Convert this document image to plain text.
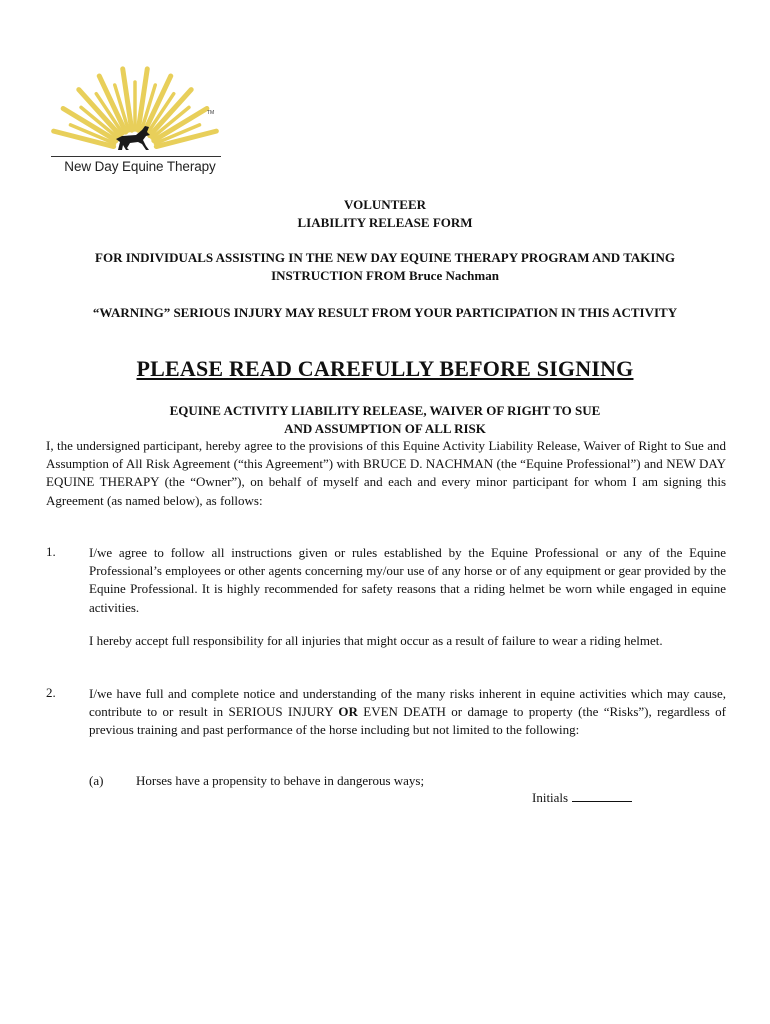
TM
New Day Equine Therapy
VOLUNTEER
LIABILITY RELEASE FORM
FOR INDIVIDUALS ASSISTING IN THE NEW DAY EQUINE THERAPY PROGRAM AND TAKING INSTRUCTION FROM Bruce Nachman
“WARNING” SERIOUS INJURY MAY RESULT FROM YOUR PARTICIPATION IN THIS ACTIVITY
PLEASE READ CAREFULLY BEFORE SIGNING
EQUINE ACTIVITY LIABILITY RELEASE, WAIVER OF RIGHT TO SUE
AND ASSUMPTION OF ALL RISK
I, the undersigned participant, hereby agree to the provisions of this Equine Activity Liability Release, Waiver of Right to Sue and Assumption of All Risk Agreement (“this Agreement”) with BRUCE D. NACHMAN (the “Equine Professional”) and NEW DAY EQUINE THERAPY (the “Owner”), on behalf of myself and each and every minor participant for whom I am signing this Agreement (as named below), as follows:
1.	I/we agree to follow all instructions given or rules established by the Equine Professional or any of the Equine Professional’s employees or other agents concerning my/our use of any horse or of any equipment or gear provided by the Equine Professional. It is highly recommended for safety reasons that a riding helmet be worn while engaged in equine activities.
I hereby accept full responsibility for all injuries that might occur as a result of failure to wear a riding helmet.
2.	I/we have full and complete notice and understanding of the many risks inherent in equine activities which may cause, contribute to or result in SERIOUS INJURY OR EVEN DEATH or damage to property (the “Risks”), regardless of previous training and past performance of the horse including but not limited to the following:
(a)	Horses have a propensity to behave in dangerous ways;
Initials
